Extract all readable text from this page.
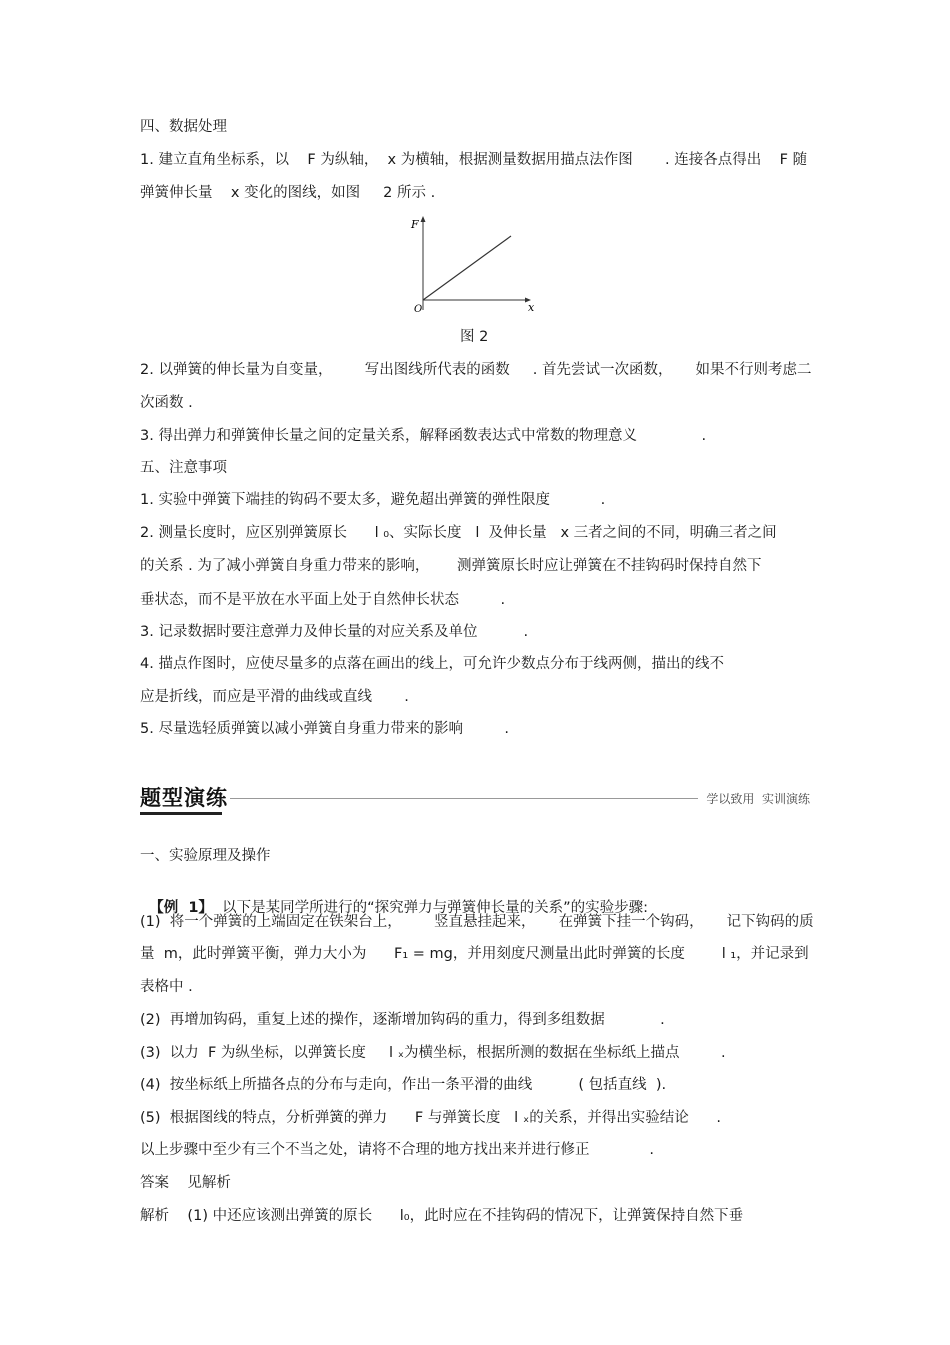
四、数据处理
1. 建立直角坐标系，以    F 为纵轴，  x 为横轴，根据测量数据用描点法作图       . 连接各点得出    F 随
弹簧伸长量    x 变化的图线，如图     2 所示 .
F
x
O
图 2
2. 以弹簧的伸长量为自变量，       写出图线所代表的函数     . 首先尝试一次函数，     如果不行则考虑二
次函数 .
3. 得出弹力和弹簧伸长量之间的定量关系，解释函数表达式中常数的物理意义              .
五、注意事项
1. 实验中弹簧下端挂的钩码不要太多，避免超出弹簧的弹性限度           .
2. 测量长度时，应区别弹簧原长      l ₀、实际长度   l  及伸长量   x 三者之间的不同，明确三者之间
的关系 . 为了减小弹簧自身重力带来的影响，      测弹簧原长时应让弹簧在不挂钩码时保持自然下
垂状态，而不是平放在水平面上处于自然伸长状态         .
3. 记录数据时要注意弹力及伸长量的对应关系及单位          .
4. 描点作图时，应使尽量多的点落在画出的线上，可允许少数点分布于线两侧，描出的线不
应是折线，而应是平滑的曲线或直线       .
5. 尽量选轻质弹簧以减小弹簧自身重力带来的影响         .
题型演练	学以致用  实训演练
一、实验原理及操作

【例  1】  以下是某同学所进行的“探究弹力与弹簧伸长量的关系”的实验步骤:

(1)  将一个弹簧的上端固定在铁架台上，       竖直悬挂起来，     在弹簧下挂一个钩码，     记下钩码的质
量  m，此时弹簧平衡，弹力大小为      F₁ = mg，并用刻度尺测量出此时弹簧的长度        l ₁，并记录到
表格中 .
(2)  再增加钩码，重复上述的操作，逐渐增加钩码的重力，得到多组数据            .
(3)  以力  F 为纵坐标，以弹簧长度     l ₓ为横坐标，根据所测的数据在坐标纸上描点         .
(4)  按坐标纸上所描各点的分布与走向，作出一条平滑的曲线          ( 包括直线  ).
(5)  根据图线的特点，分析弹簧的弹力      F 与弹簧长度   l ₓ的关系，并得出实验结论      .
以上步骤中至少有三个不当之处，请将不合理的地方找出来并进行修正             .
答案    见解析
解析    (1) 中还应该测出弹簧的原长      l₀，此时应在不挂钩码的情况下，让弹簧保持自然下垂
